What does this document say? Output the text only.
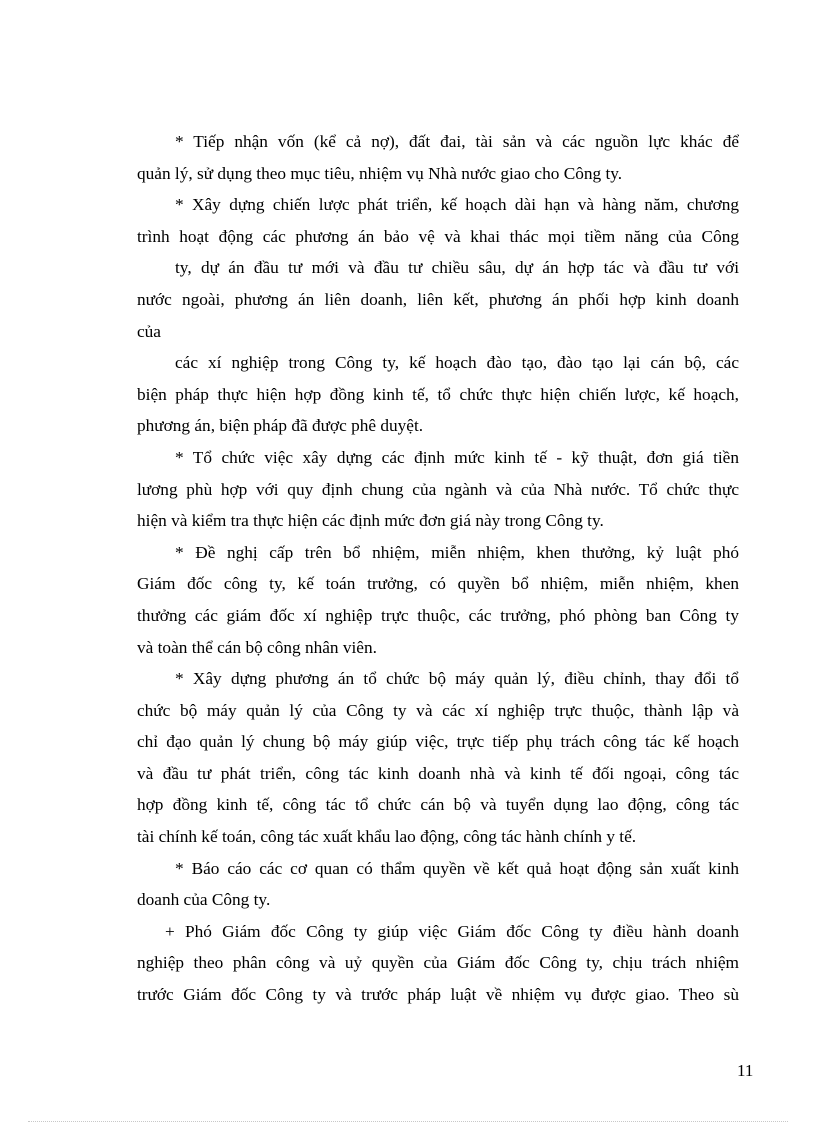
* Tiếp nhận vốn (kể cả nợ), đất đai, tài sản và các nguồn lực khác để
quản lý, sử dụng theo mục tiêu, nhiệm vụ Nhà nước giao cho Công ty.
* Xây dựng chiến lược phát triển, kế hoạch dài hạn và hàng năm, chương
trình hoạt động các phương án bảo vệ và khai thác mọi tiềm năng của Công
ty, dự án đầu tư mới và đầu tư chiều sâu, dự án hợp tác và đầu tư với
nước ngoài, phương án liên doanh, liên kết, phương án phối hợp kinh doanh
của
các xí nghiệp trong Công ty, kế hoạch đào tạo, đào tạo lại cán bộ, các
biện pháp thực hiện hợp đồng kinh tế, tổ chức thực hiện chiến lược, kế hoạch,
phương án, biện pháp đã được phê duyệt.
* Tổ chức việc xây dựng các định mức kinh tế - kỹ thuật, đơn giá tiền
lương phù hợp với quy định chung của ngành và của Nhà nước. Tổ chức thực
hiện và kiểm tra thực hiện các định mức đơn giá này trong Công ty.
* Đề nghị cấp trên bổ nhiệm, miễn nhiệm, khen thưởng, kỷ luật phó
Giám đốc công ty, kế toán trưởng, có quyền bổ nhiệm, miễn nhiệm, khen
thưởng các giám đốc xí nghiệp trực thuộc, các trưởng, phó phòng ban Công ty
và toàn thể cán bộ công nhân viên.
* Xây dựng phương án tổ chức bộ máy quản lý, điều chỉnh, thay đổi tổ
chức bộ máy quản lý của Công ty và các xí nghiệp trực thuộc, thành lập và
chỉ đạo quản lý chung bộ máy giúp việc, trực tiếp phụ trách công tác kế hoạch
và đầu tư phát triển, công tác kinh doanh nhà và kinh tế đối ngoại, công tác
hợp đồng kinh tế, công tác tổ chức cán bộ và tuyển dụng lao động, công tác
tài chính kế toán, công tác xuất khẩu lao động, công tác hành chính y tế.
* Báo cáo các cơ quan có thẩm quyền về kết quả hoạt động sản xuất kinh
doanh của Công ty.
+ Phó Giám đốc Công ty giúp việc Giám đốc Công ty điều hành doanh
nghiệp theo phân công và uỷ quyền của Giám đốc Công ty, chịu trách nhiệm
trước Giám đốc Công ty và trước pháp luật về nhiệm vụ được giao. Theo sù
11
